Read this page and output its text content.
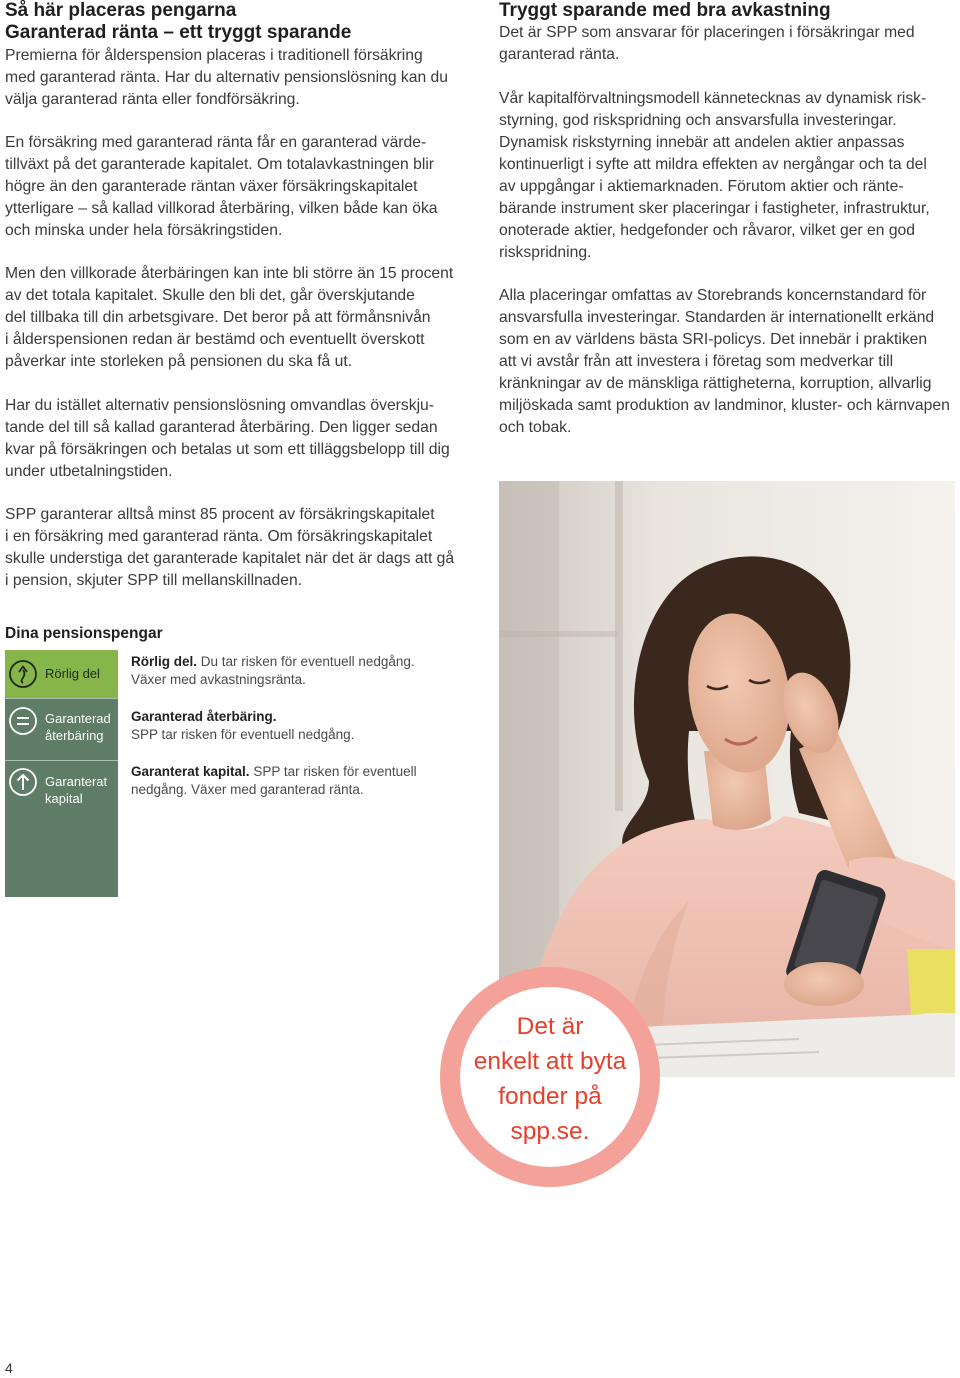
Så här placeras pengarna
Garanterad ränta – ett tryggt sparande
Premierna för ålderspension placeras i traditionell försäkring
med garanterad ränta. Har du alternativ pensionslösning kan du
välja garanterad ränta eller fondförsäkring.
En försäkring med garanterad ränta får en garanterad värde-
tillväxt på det garanterade kapitalet. Om totalavkastningen blir
högre än den garanterade räntan växer försäkringskapitalet
ytterligare – så kallad villkorad återbäring, vilken både kan öka
och minska under hela försäkringstiden.
Men den villkorade återbäringen kan inte bli större än 15 procent
av det totala kapitalet. Skulle den bli det, går överskjutande
del tillbaka till din arbetsgivare. Det beror på att förmånsnivån
i ålderspensionen redan är bestämd och eventuellt överskott
påverkar inte storleken på pensionen du ska få ut.
Har du istället alternativ pensionslösning omvandlas överskju-
tande del till så kallad garanterad återbäring. Den ligger sedan
kvar på försäkringen och betalas ut som ett tilläggsbelopp till dig
under utbetalningstiden.
SPP garanterar alltså minst 85 procent av försäkringskapitalet
i en försäkring med garanterad ränta. Om försäkringskapitalet
skulle understiga det garanterade kapitalet när det är dags att gå
i pension, skjuter SPP till mellanskillnaden.
Dina pensionspengar
Rörlig del
Garanterad
återbäring
Garanterat
kapital
Rörlig del. Du tar risken för eventuell nedgång.
Växer med avkastningsränta.
Garanterad återbäring.
SPP tar risken för eventuell nedgång.
Garanterat kapital. SPP tar risken för eventuell
nedgång. Växer med garanterad ränta.
Tryggt sparande med bra avkastning
Det är SPP som ansvarar för placeringen i försäkringar med
garanterad ränta.
Vår kapitalförvaltningsmodell kännetecknas av dynamisk risk-
styrning, god riskspridning och ansvarsfulla investeringar.
Dynamisk riskstyrning innebär att andelen aktier anpassas
kontinuerligt i syfte att mildra effekten av nergångar och ta del
av uppgångar i aktiemarknaden. Förutom aktier och ränte-
bärande instrument sker placeringar i fastigheter, infrastruktur,
onoterade aktier, hedgefonder och råvaror, vilket ger en god
riskspridning.
Alla placeringar omfattas av Storebrands koncernstandard för
ansvarsfulla investeringar. Standarden är internationellt erkänd
som en av världens bästa SRI-policys. Det innebär i praktiken
att vi avstår från att investera i företag som medverkar till
kränkningar av de mänskliga rättigheterna, korruption, allvarlig
miljöskada samt produktion av landminor, kluster- och kärnvapen
och tobak.
Det är
enkelt att byta
fonder på
spp.se.
4
